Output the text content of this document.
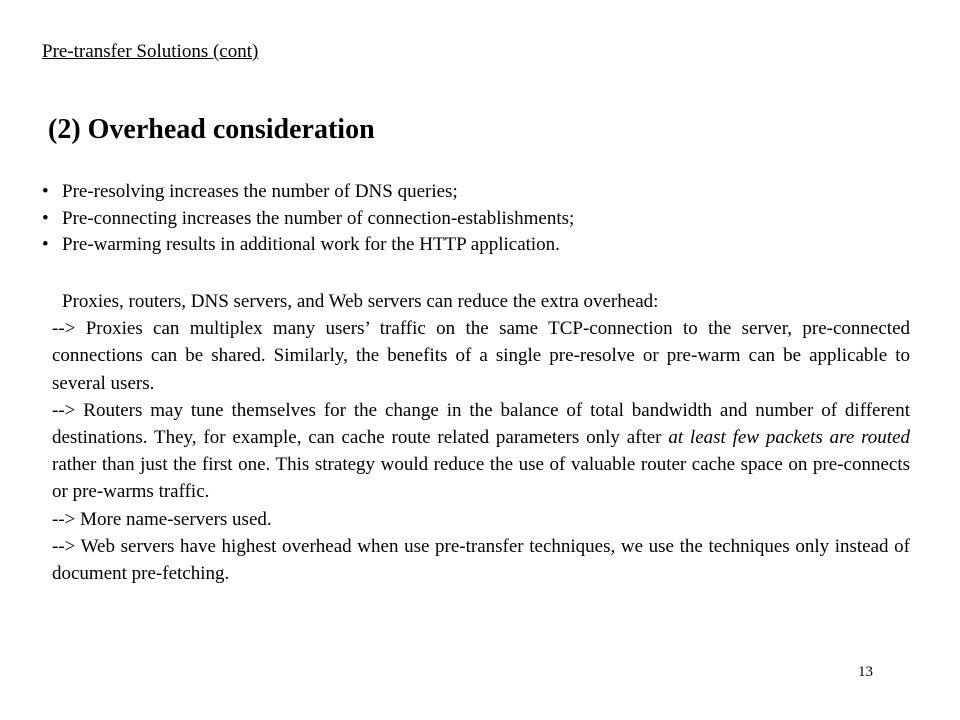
Pre-transfer Solutions (cont)
(2) Overhead consideration
• Pre-resolving increases the number of DNS queries;
• Pre-connecting increases the number of connection-establishments;
• Pre-warming results in additional work for the HTTP application.

Proxies, routers, DNS servers, and Web servers can reduce the extra overhead:

--> Proxies can multiplex many users’ traffic on the same TCP-connection to the server, pre-connected connections can be shared. Similarly, the benefits of a single pre-resolve or pre-warm can be applicable to several users.

--> Routers may tune themselves for the change in the balance of total bandwidth and number of different destinations. They, for example, can cache route related parameters only after at least few packets are routed rather than just the first one. This strategy would reduce the use of valuable router cache space on pre-connects or pre-warms traffic.

--> More name-servers used.

--> Web servers have highest overhead when use pre-transfer techniques, we use the techniques only instead of document pre-fetching.

13
